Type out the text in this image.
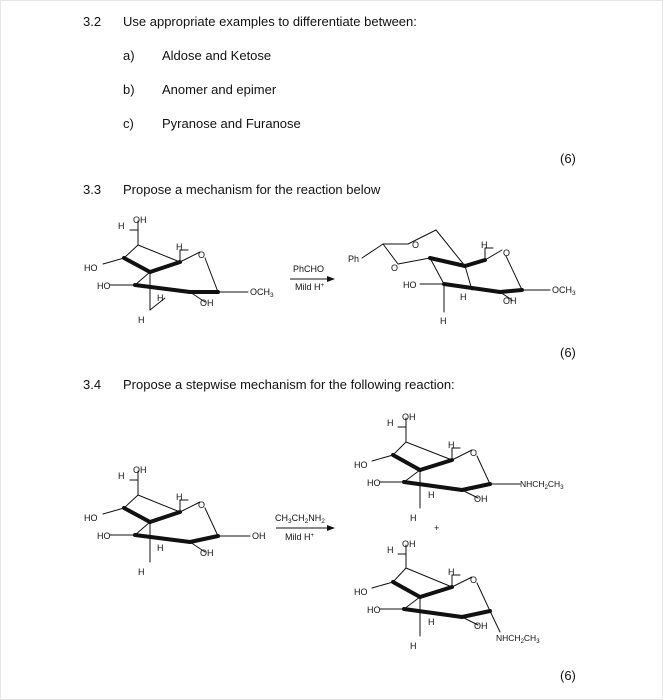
3.2 Use appropriate examples to differentiate between:
a) Aldose and Ketose
b) Anomer and epimer
c) Pyranose and Furanose
(6)
3.3 Propose a mechanism for the reaction below
(6)
3.4 Propose a stepwise mechanism for the following reaction:
(6)
OH
H
HO
HO
H
O
H	OH
H
$OCH_3$
PhCHO
Mild H+
Ph
O
O
HO
H
O
H	OH
H
$OCH_3$
OH
H
HO
HO
H
O
H	OH
H
OH
$CH_3CH_2NH_2$
Mild H+
OH
H
HO
HO
H
O
H	OH
H
$NHCH_2CH_3$
+
OH
H
HO
HO
H
O
H	OH
H
$NHCH_2CH_3$
